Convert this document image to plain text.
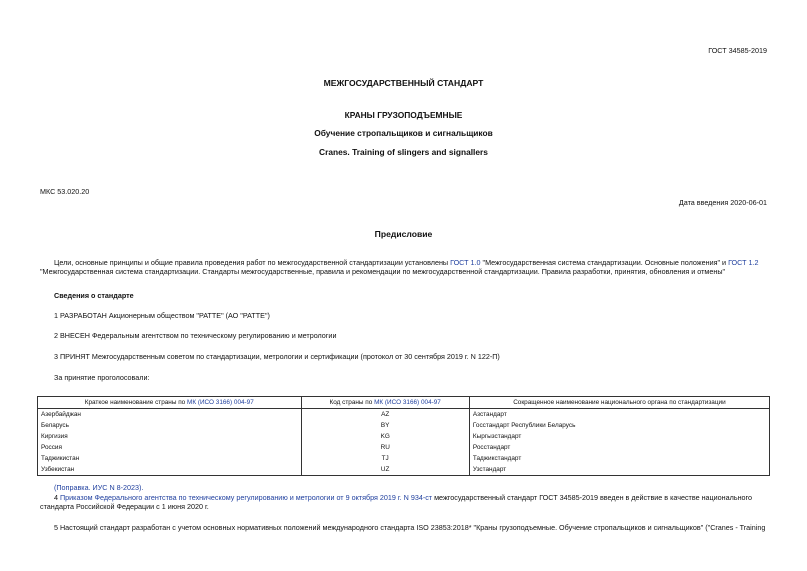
ГОСТ 34585-2019
МЕЖГОСУДАРСТВЕННЫЙ СТАНДАРТ
КРАНЫ ГРУЗОПОДЪЕМНЫЕ
Обучение стропальщиков и сигнальщиков
Cranes. Training of slingers and signallers
МКС 53.020.20
Дата введения 2020-06-01
Предисловие
Цели, основные принципы и общие правила проведения работ по межгосударственной стандартизации установлены ГОСТ 1.0 "Межгосударственная система стандартизации. Основные положения" и ГОСТ 1.2 "Межгосударственная система стандартизации. Стандарты межгосударственные, правила и рекомендации по межгосударственной стандартизации. Правила разработки, принятия, обновления и отмены"
Сведения о стандарте
1 РАЗРАБОТАН Акционерным обществом "РАТТЕ" (АО "РАТТЕ")
2 ВНЕСЕН Федеральным агентством по техническому регулированию и метрологии
3 ПРИНЯТ Межгосударственным советом по стандартизации, метрологии и сертификации (протокол от 30 сентября 2019 г. N 122-П)
За принятие проголосовали:
Краткое наименование страны по МК (ИСО 3166) 004-97	Код страны по МК (ИСО 3166) 004-97	Сокращенное наименование национального органа по стандартизации
Азербайджан	AZ	Азстандарт
Беларусь	BY	Госстандарт Республики Беларусь
Киргизия	KG	Кыргызстандарт
Россия	RU	Росстандарт
Таджикистан	TJ	Таджикстандарт
Узбекистан	UZ	Узстандарт
(Поправка. ИУС N 8-2023).
4 Приказом Федерального агентства по техническому регулированию и метрологии от 9 октября 2019 г. N 934-ст межгосударственный стандарт ГОСТ 34585-2019 введен в действие в качестве национального стандарта Российской Федерации с 1 июня 2020 г.
5 Настоящий стандарт разработан с учетом основных нормативных положений международного стандарта ISO 23853:2018* "Краны грузоподъемные. Обучение стропальщиков и сигнальщиков" ("Cranes - Training
